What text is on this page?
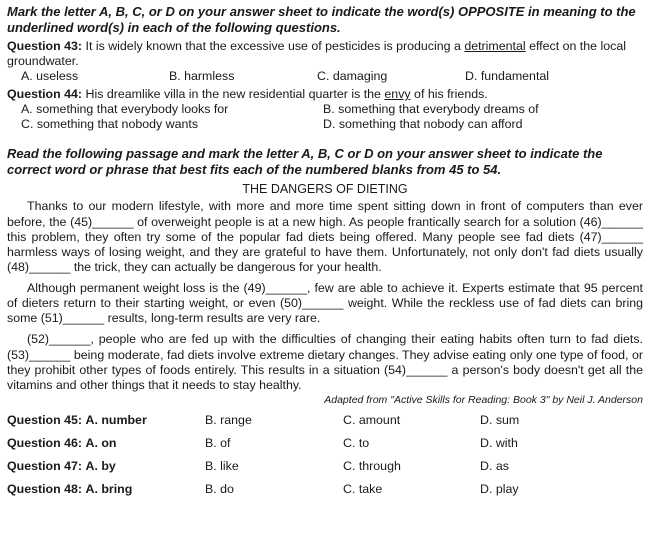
Mark the letter A, B, C, or D on your answer sheet to indicate the word(s) OPPOSITE in meaning to the underlined word(s) in each of the following questions.
Question 43: It is widely known that the excessive use of pesticides is producing a detrimental effect on the local groundwater.
A. useless	B. harmless	C. damaging	D. fundamental
Question 44: His dreamlike villa in the new residential quarter is the envy of his friends.
A. something that everybody looks for	B. something that everybody dreams of
C. something that nobody wants	D. something that nobody can afford
Read the following passage and mark the letter A, B, C or D on your answer sheet to indicate the correct word or phrase that best fits each of the numbered blanks from 45 to 54.
THE DANGERS OF DIETING

Thanks to our modern lifestyle, with more and more time spent sitting down in front of computers than ever before, the (45)______ of overweight people is at a new high. As people frantically search for a solution (46)______ this problem, they often try some of the popular fad diets being offered. Many people see fad diets (47)______ harmless ways of losing weight, and they are grateful to have them. Unfortunately, not only don't fad diets usually (48)______ the trick, they can actually be dangerous for your health.

Although permanent weight loss is the (49)______, few are able to achieve it. Experts estimate that 95 percent of dieters return to their starting weight, or even (50)______ weight. While the reckless use of fad diets can bring some (51)______ results, long-term results are very rare.

(52)______, people who are fed up with the difficulties of changing their eating habits often turn to fad diets. (53)______ being moderate, fad diets involve extreme dietary changes. They advise eating only one type of food, or they prohibit other types of foods entirely. This results in a situation (54)______ a person's body doesn't get all the vitamins and other things that it needs to stay healthy.

Adapted from "Active Skills for Reading: Book 3" by Neil J. Anderson
Question 45: A. number	B. range	C. amount	D. sum
Question 46: A. on	B. of	C. to	D. with
Question 47: A. by	B. like	C. through	D. as
Question 48: A. bring	B. do	C. take	D. play
